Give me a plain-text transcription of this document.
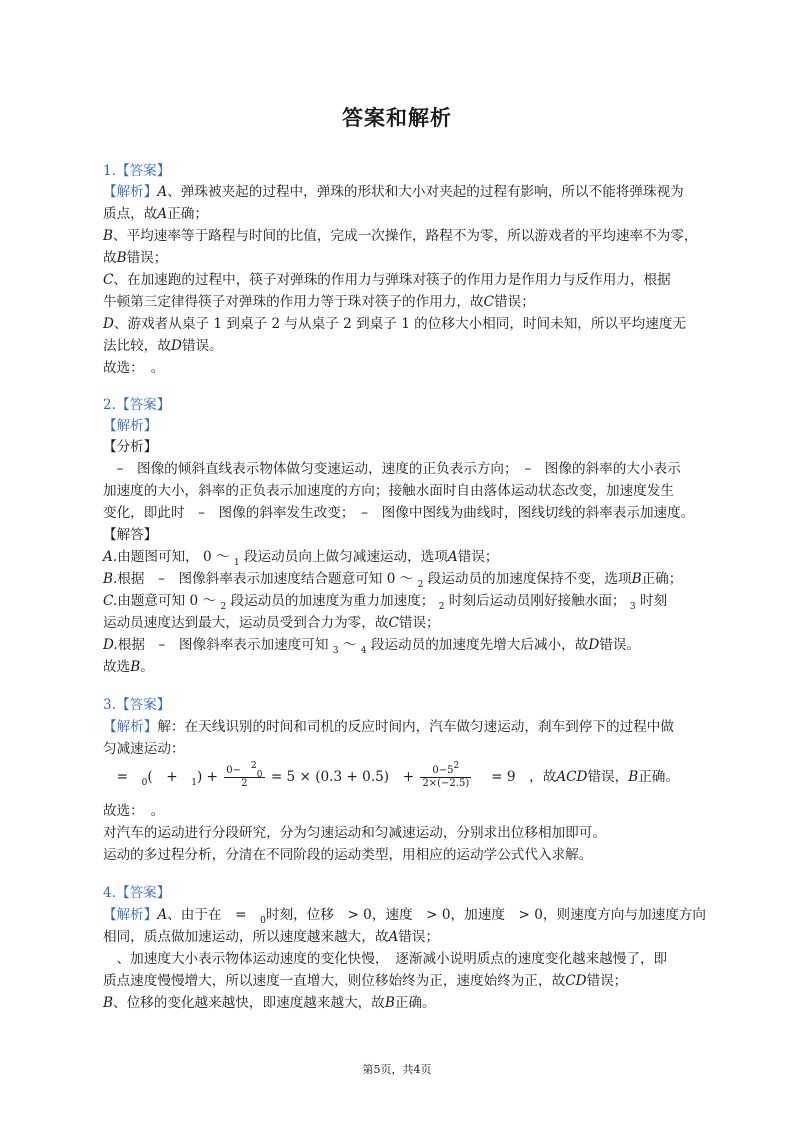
答案和解析
1.【答案】
【解析】A、弹珠被夹起的过程中，弹珠的形状和大小对夹起的过程有影响，所以不能将弹珠视为
质点，故A正确；
B、平均速率等于路程与时间的比值，完成一次操作，路程不为零，所以游戏者的平均速率不为零，
故B错误；
C、在加速跑的过程中，筷子对弹珠的作用力与弹珠对筷子的作用力是作用力与反作用力，根据
牛顿第三定律得筷子对弹珠的作用力等于珠对筷子的作用力，故C错误；
D、游戏者从桌子 1 到桌子 2 与从桌子 2 到桌子 1 的位移大小相同，时间未知，所以平均速度无
法比较，故D错误。
故选：　。
2.【答案】
【解析】
【分析】
　–　图像的倾斜直线表示物体做匀变速运动，速度的正负表示方向；　–　图像的斜率的大小表示
加速度的大小，斜率的正负表示加速度的方向；接触水面时自由落体运动状态改变，加速度发生
变化，即此时　–　图像的斜率发生改变；　–　图像中图线为曲线时，图线切线的斜率表示加速度。
【解答】
A.由题图可知， 0 ～ $_1$ 段运动员向上做匀减速运动，选项A错误；
B.根据　–　图像斜率表示加速度结合题意可知 0 ～ $_2$ 段运动员的加速度保持不变，选项B正确；
C.由题意可知 0 ～ $_2$ 段运动员的加速度为重力加速度； $_2$ 时刻后运动员刚好接触水面； $_3$ 时刻
运动员速度达到最大，运动员受到合力为零，故C错误；
D.根据　–　图像斜率表示加速度可知 $_3$ ～ $_4$ 段运动员的加速度先增大后减小，故D错误。
故选B。
3.【答案】
【解析】解：在天线识别的时间和司机的反应时间内，汽车做匀速运动，刹车到停下的过程中做
匀减速运动：
　=　$_0$(　+　$_1) + \frac{0- 20}{2} = 5 \times (0.3 + 0.5)$　+ $\frac{0-52}{2\times(-2.5)}$ 　= 9　，故ACD错误，B正确。
故选：　。
对汽车的运动进行分段研究，分为匀速运动和匀减速运动，分别求出位移相加即可。
运动的多过程分析，分清在不同阶段的运动类型，用相应的运动学公式代入求解。
4.【答案】
【解析】A、由于在　=　$_0$时刻，位移　> 0，速度　> 0，加速度　> 0，则速度方向与加速度方向
相同，质点做加速运动，所以速度越来越大，故A错误；
　、加速度大小表示物体运动速度的变化快慢，　逐渐减小说明质点的速度变化越来越慢了，即
质点速度慢慢增大，所以速度一直增大，则位移始终为正，速度始终为正，故CD错误；
B、位移的变化越来越快，即速度越来越大，故B正确。
第5页，共4页
